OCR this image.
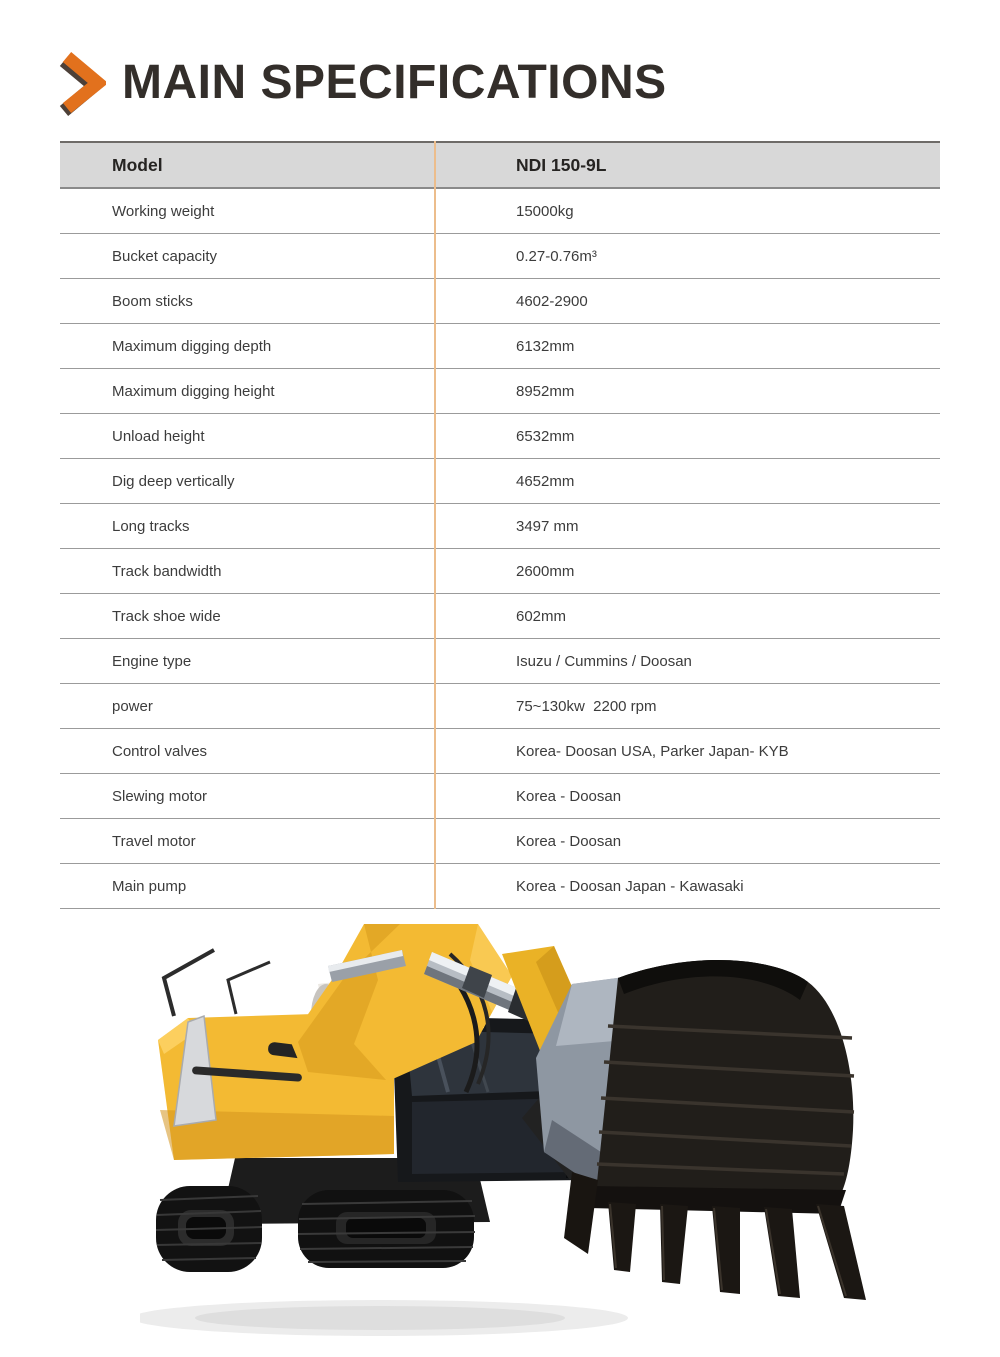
MAIN SPECIFICATIONS
Model	NDI 150-9L
Working weight	15000kg
Bucket capacity	0.27-0.76m³
Boom sticks	4602-2900
Maximum digging depth	6132mm
Maximum digging height	8952mm
Unload height	6532mm
Dig deep vertically	4652mm
Long tracks	3497 mm
Track bandwidth	2600mm
Track shoe wide	602mm
Engine type	Isuzu / Cummins / Doosan
power	75~130kw  2200 rpm
Control valves	Korea- Doosan USA, Parker Japan- KYB
Slewing motor	Korea - Doosan
Travel motor	Korea - Doosan
Main pump	Korea - Doosan Japan - Kawasaki
